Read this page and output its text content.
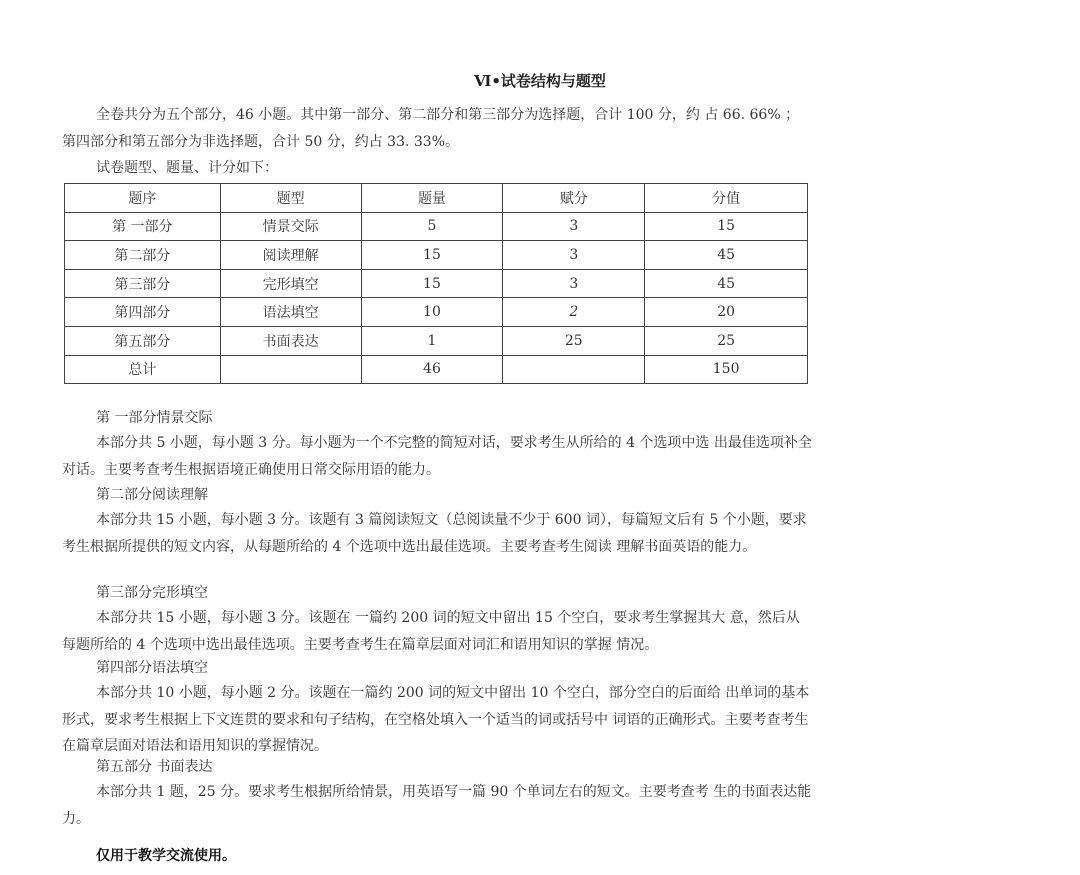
Ⅵ•试卷结构与题型

全卷共分为五个部分，46 小题。其中第一部分、第二部分和第三部分为选择题，合计 100 分，约 占 66. 66% ；
第四部分和第五部分为非选择题，合计 50 分，约占 33. 33%。
试卷题型、题量、计分如下：

题序	题型	题量	赋分	分值
第 一部分	情景交际	5	3	15
第二部分	阅读理解	15	3	45
第三部分	完形填空	15	3	45
第四部分	语法填空	10	2	20
第五部分	书面表达	1	25	25
总计		46		150

第 一部分情景交际

本部分共 5 小题，每小题 3 分。每小题为一个不完整的简短对话，要求考生从所给的 4 个选项中选 出最佳选项补全对话。主要考查考生根据语境正确使用日常交际用语的能力。

第二部分阅读理解

本部分共 15 小题，每小题 3 分。该题有 3 篇阅读短文（总阅读量不少于 600 词），每篇短文后有 5 个小题，要求考生根据所提供的短文内容，从每题所给的 4 个选项中选出最佳选项。主要考查考生阅读 理解书面英语的能力。

第三部分完形填空

本部分共 15 小题，每小题 3 分。该题在 一篇约 200 词的短文中留出 15 个空白，要求考生掌握其大 意，然后从每题所给的 4 个选项中选出最佳选项。主要考查考生在篇章层面对词汇和语用知识的掌握 情况。

第四部分语法填空

本部分共 10 小题，每小题 2 分。该题在一篇约 200 词的短文中留出 10 个空白，部分空白的后面给 出单词的基本形式，要求考生根据上下文连贯的要求和句子结构，在空格处填入一个适当的词或括号中 词语的正确形式。主要考查考生在篇章层面对语法和语用知识的掌握情况。

第五部分 书面表达

本部分共 1 题，25 分。要求考生根据所给情景，用英语写一篇 90 个单词左右的短文。主要考查考 生的书面表达能力。

仅用于教学交流使用。
